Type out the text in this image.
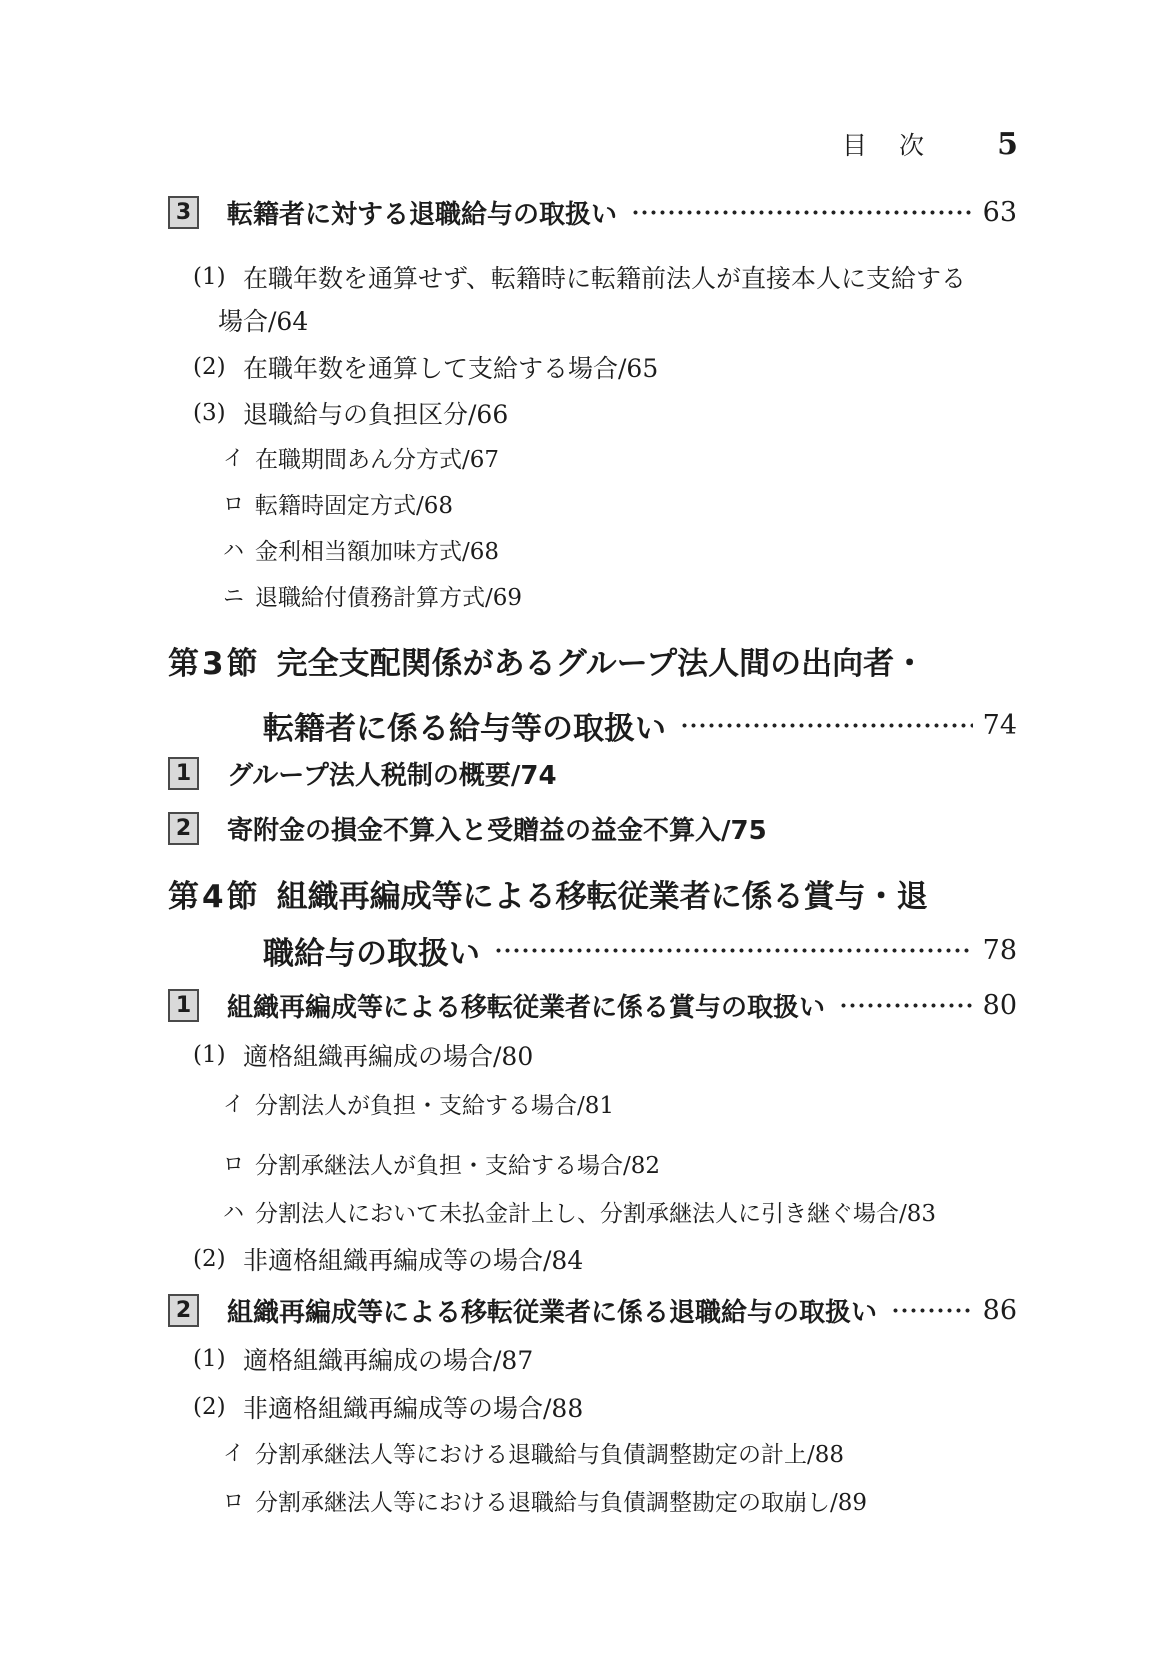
目 次 5
3	転籍者に対する退職給与の取扱い	63
(1) 在職年数を通算せず、転籍時に転籍前法人が直接本人に支給する
場合/64
(2) 在職年数を通算して支給する場合/65
(3) 退職給与の負担区分/66
イ 在職期間あん分方式/67
ロ 転籍時固定方式/68
ハ 金利相当額加味方式/68
ニ 退職給付債務計算方式/69
第3節 完全支配関係があるグループ法人間の出向者・
転籍者に係る給与等の取扱い	74
1	グループ法人税制の概要/74
2	寄附金の損金不算入と受贈益の益金不算入/75
第4節 組織再編成等による移転従業者に係る賞与・退
職給与の取扱い	78
1	組織再編成等による移転従業者に係る賞与の取扱い	80
(1) 適格組織再編成の場合/80
イ 分割法人が負担・支給する場合/81
ロ 分割承継法人が負担・支給する場合/82
ハ 分割法人において未払金計上し、分割承継法人に引き継ぐ場合/83
(2) 非適格組織再編成等の場合/84
2	組織再編成等による移転従業者に係る退職給与の取扱い	86
(1) 適格組織再編成の場合/87
(2) 非適格組織再編成等の場合/88
イ 分割承継法人等における退職給与負債調整勘定の計上/88
ロ 分割承継法人等における退職給与負債調整勘定の取崩し/89
